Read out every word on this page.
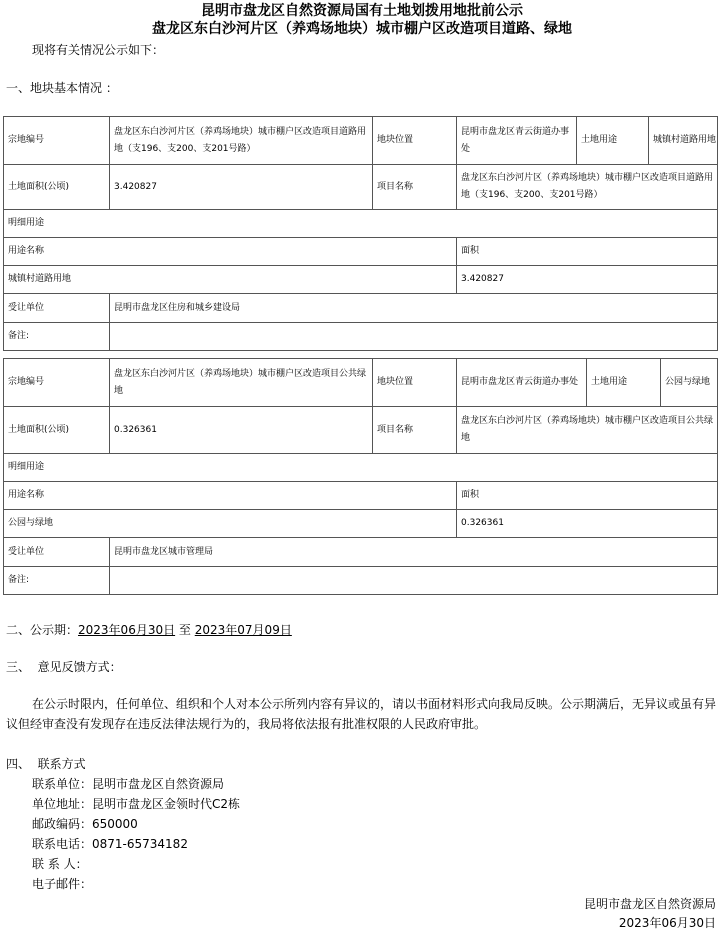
昆明市盘龙区自然资源局国有土地划拨用地批前公示
盘龙区东白沙河片区（养鸡场地块）城市棚户区改造项目道路、绿地
现将有关情况公示如下：
一、地块基本情况 ：
宗地编号	盘龙区东白沙河片区（养鸡场地块）城市棚户区改造项目道路用地（支196、支200、支201号路）	地块位置	昆明市盘龙区青云街道办事处	土地用途	城镇村道路用地
土地面积(公顷)	3.420827	项目名称	盘龙区东白沙河片区（养鸡场地块）城市棚户区改造项目道路用地（支196、支200、支201号路）		
明细用途					
用途名称			面积		
城镇村道路用地			3.420827		
受让单位	昆明市盘龙区住房和城乡建设局				
备注:					
宗地编号	盘龙区东白沙河片区（养鸡场地块）城市棚户区改造项目公共绿地	地块位置	昆明市盘龙区青云街道办事处	土地用途	公园与绿地
土地面积(公顷)	0.326361	项目名称	盘龙区东白沙河片区（养鸡场地块）城市棚户区改造项目公共绿地		
明细用途					
用途名称			面积		
公园与绿地			0.326361		
受让单位	昆明市盘龙区城市管理局				
备注:					
二、公示期：2023年06月30日 至 2023年07月09日
三、  意见反馈方式：
在公示时限内，任何单位、组织和个人对本公示所列内容有异议的，请以书面材料形式向我局反映。公示期满后，无异议或虽有异议但经审查没有发现存在违反法律法规行为的，我局将依法报有批准权限的人民政府审批。
四、  联系方式
联系单位：昆明市盘龙区自然资源局
单位地址：昆明市盘龙区金领时代C2栋
邮政编码：650000
联系电话：0871-65734182
联 系 人：
电子邮件：
昆明市盘龙区自然资源局
2023年06月30日
